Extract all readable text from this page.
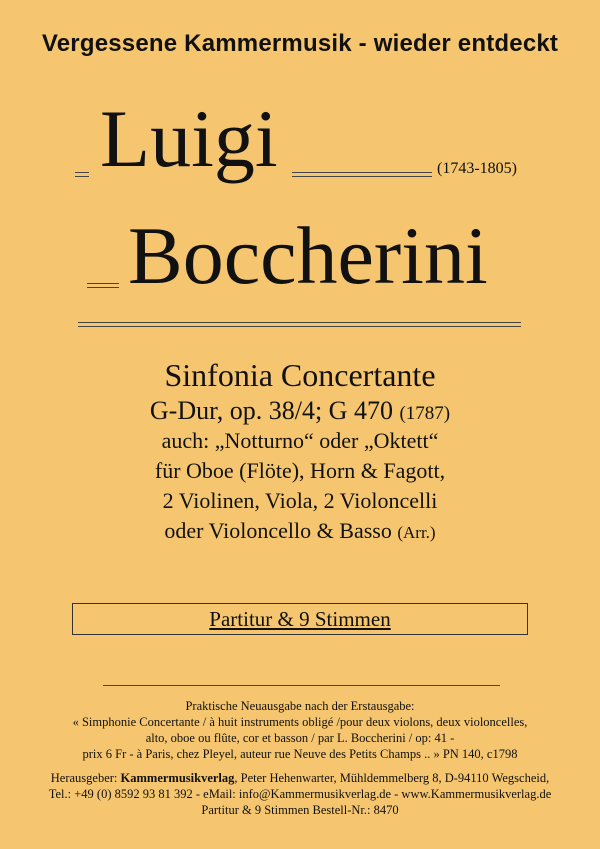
Vergessene Kammermusik - wieder entdeckt
Luigi	(1743-1805)
Boccherini
Sinfonia Concertante
G-Dur, op. 38/4; G 470 (1787)
auch: „Notturno“ oder „Oktett“
für Oboe (Flöte), Horn & Fagott,
2 Violinen, Viola, 2 Violoncelli
oder Violoncello & Basso (Arr.)
Partitur & 9 Stimmen
Praktische Neuausgabe nach der Erstausgabe:
« Simphonie Concertante / à huit instruments obligé /pour deux violons, deux violoncelles,
alto, oboe ou flûte, cor et basson / par L. Boccherini / op: 41 -
prix 6 Fr - à Paris, chez Pleyel, auteur rue Neuve des Petits Champs .. » PN 140, c1798
Herausgeber: Kammermusikverlag, Peter Hehenwarter, Mühldemmelberg 8, D-94110 Wegscheid,
Tel.: +49 (0) 8592 93 81 392 - eMail: info@Kammermusikverlag.de - www.Kammermusikverlag.de
Partitur & 9 Stimmen Bestell-Nr.: 8470
